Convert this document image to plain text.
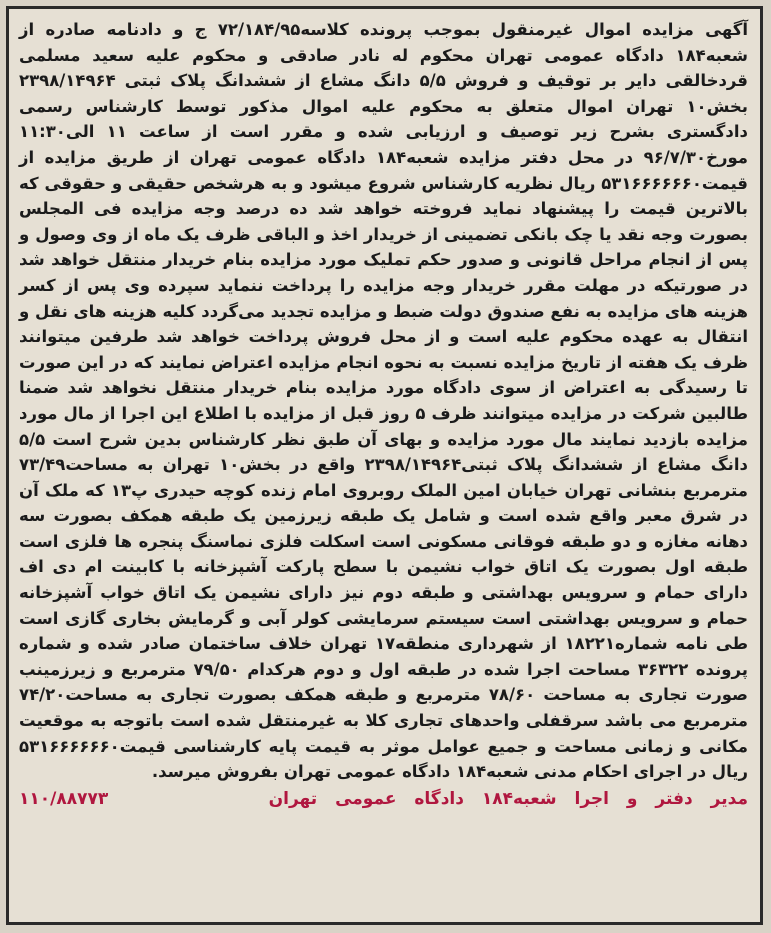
آگهی مزایده اموال غیرمنقول بموجب پرونده کلاسه۷۲/۱۸۴/۹۵ ج و دادنامه صادره از شعبه۱۸۴ دادگاه عمومی تهران محکوم له نادر صادقی و محکوم علیه سعید مسلمی قردخالقی دایر بر توقیف و فروش ۵/۵ دانگ مشاع از ششدانگ پلاک ثبتی ۲۳۹۸/۱۴۹۶۴ بخش۱۰ تهران اموال متعلق به محکوم علیه اموال مذکور توسط کارشناس رسمی دادگستری بشرح زیر توصیف و ارزیابی شده و مقرر است از ساعت ۱۱ الی۱۱:۳۰ مورخ۹۶/۷/۳۰ در محل دفتر مزایده شعبه۱۸۴ دادگاه عمومی تهران از طریق مزایده از قیمت۵۳۱۶۶۶۶۶۶۰ ریال نظریه کارشناس شروع میشود و به هرشخص حقیقی و حقوقی که بالاترین قیمت را پیشنهاد نماید فروخته خواهد شد ده درصد وجه مزایده فی المجلس بصورت وجه نقد یا چک بانکی تضمینی از خریدار اخذ و الباقی ظرف یک ماه از وی وصول و پس از انجام مراحل قانونی و صدور حکم تملیک مورد مزایده بنام خریدار منتقل خواهد شد در صورتیکه در مهلت مقرر خریدار وجه مزایده را پرداخت ننماید سپرده وی پس از کسر هزینه های مزایده به نفع صندوق دولت ضبط و مزایده تجدید می‌گردد کلیه هزینه های نقل و انتقال به عهده محکوم علیه است و از محل فروش پرداخت خواهد شد طرفین میتوانند ظرف یک هفته از تاریخ مزایده نسبت به نحوه انجام مزایده اعتراض نمایند که در این صورت تا رسیدگی به اعتراض از سوی دادگاه مورد مزایده بنام خریدار منتقل نخواهد شد ضمنا طالبین شرکت در مزایده میتوانند ظرف ۵ روز قبل از مزایده با اطلاع این اجرا از مال مورد مزایده بازدید نمایند مال مورد مزایده و بهای آن طبق نظر کارشناس بدین شرح است ۵/۵ دانگ مشاع از ششدانگ پلاک ثبتی۲۳۹۸/۱۴۹۶۴ واقع در بخش۱۰ تهران به مساحت۷۳/۴۹ مترمربع بنشانی تهران خیابان امین الملک روبروی امام زنده کوچه حیدری پ۱۳ که ملک آن در شرق معبر واقع شده است و شامل یک طبقه زیرزمین یک طبقه همکف بصورت سه دهانه مغازه و دو طبقه فوقانی مسکونی است اسکلت فلزی نماسنگ پنجره ها فلزی است طبقه اول بصورت یک اتاق خواب نشیمن با سطح پارکت آشپزخانه با کابینت ام دی اف دارای حمام و سرویس بهداشتی و طبقه دوم نیز دارای نشیمن یک اتاق خواب آشپزخانه حمام و سرویس بهداشتی است سیستم سرمایشی کولر آبی و گرمایش بخاری گازی است طی نامه شماره۱۸۲۲۱ از شهرداری منطقه۱۷ تهران خلاف ساختمان صادر شده و شماره پرونده ۳۶۳۲۲ مساحت اجرا شده در طبقه اول و دوم هرکدام ۷۹/۵۰ مترمربع و زیرزمینب صورت تجاری به مساحت ۷۸/۶۰ مترمربع و طبقه همکف بصورت تجاری به مساحت۷۴/۲۰ مترمربع می باشد سرقفلی واحدهای تجاری کلا به غیرمنتقل شده است باتوجه به موقعیت مکانی و زمانی مساحت و جمیع عوامل موثر به قیمت پایه کارشناسی قیمت۵۳۱۶۶۶۶۶۶۰ ریال در اجرای احکام مدنی شعبه۱۸۴ دادگاه عمومی تهران بفروش میرسد.

مدیر دفتر و اجرا شعبه۱۸۴ دادگاه عمومی تهران
۱۱۰/۸۸۷۷۳
